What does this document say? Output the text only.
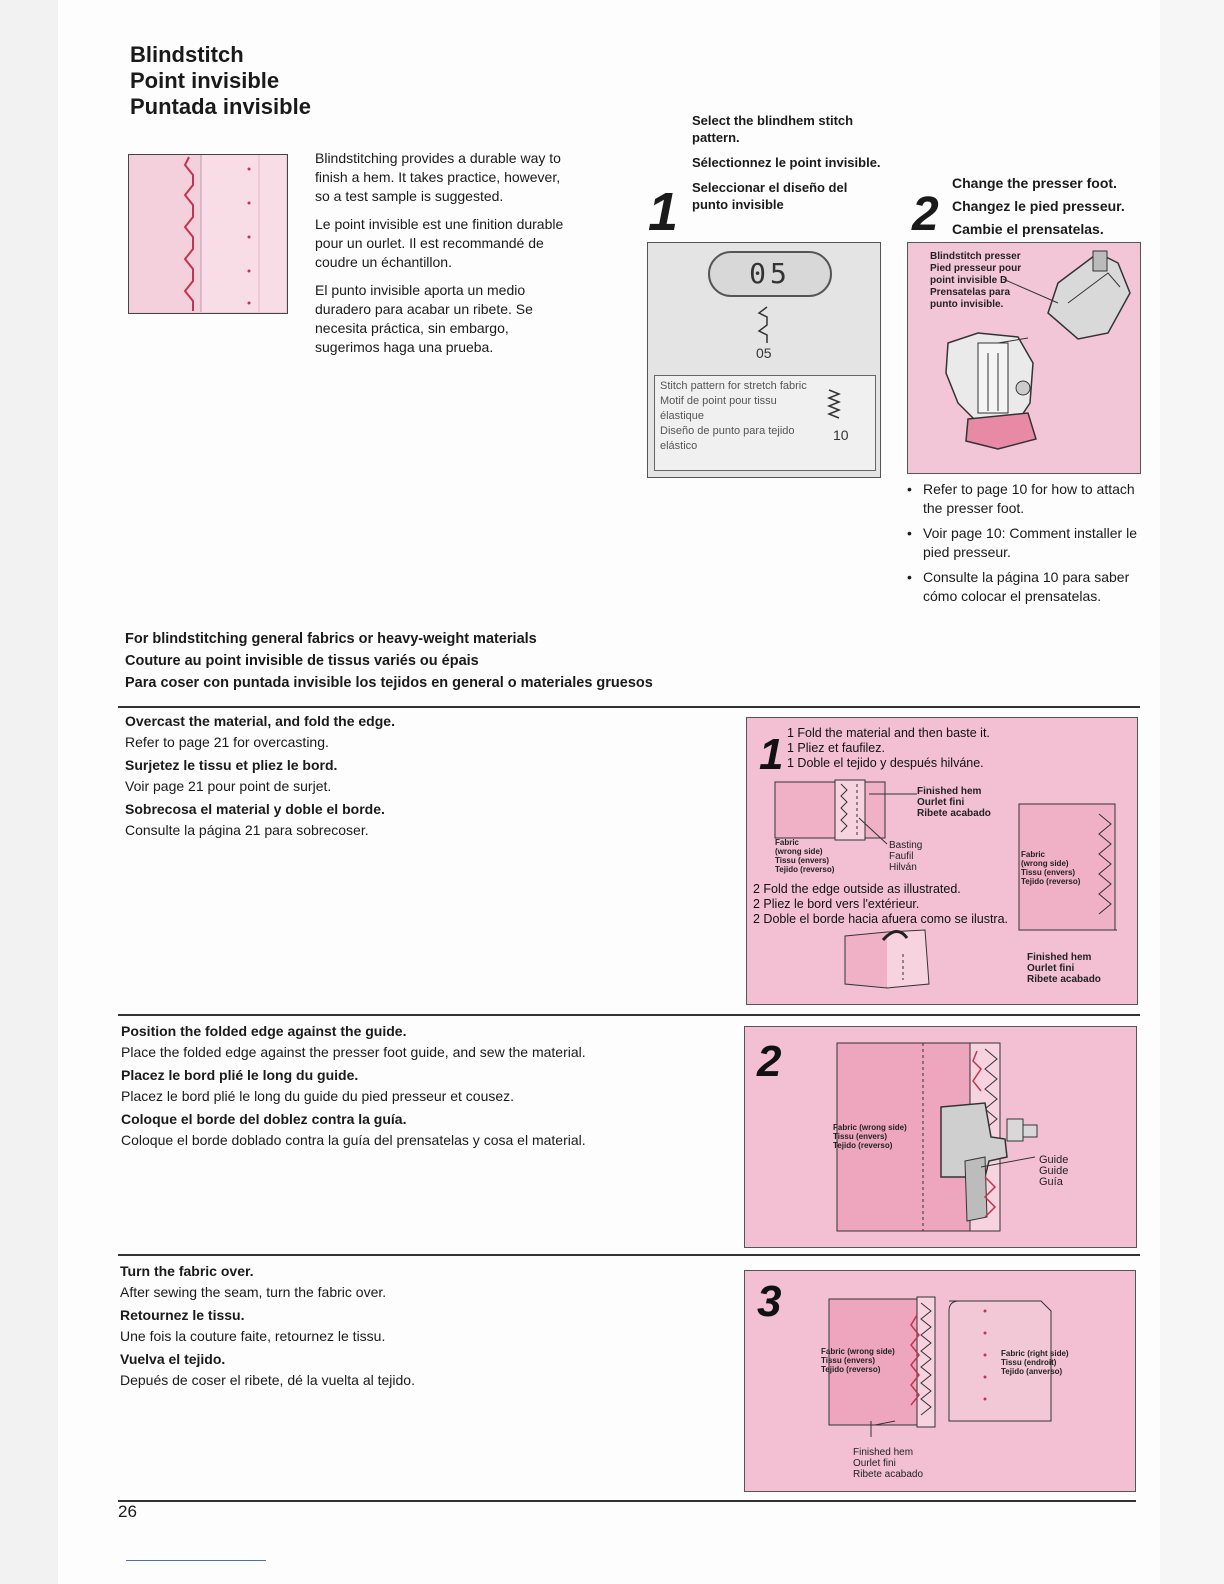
Blindstitch
Point invisible
Puntada invisible

Blindstitching provides a durable way to finish a hem. It takes practice, however, so a test sample is suggested.

Le point invisible est une finition durable pour un ourlet. Il est recommandé de coudre un échantillon.

El punto invisible aporta un medio duradero para acabar un ribete. Se necesita práctica, sin embargo, sugerimos haga una prueba.

Select the blindhem stitch pattern.

Sélectionnez le point invisible.

Seleccionar el diseño del punto invisible

1
05
05
Stitch pattern for stretch fabric
Motif de point pour tissu élastique
Diseño de punto para tejido elástico
10
2
Change the presser foot.
Changez le pied presseur.
Cambie el prensatelas.
Blindstitch presser
Pied presseur pour
point invisible D
Prensatelas para
punto invisible.
• Refer to page 10 for how to attach the presser foot.
• Voir page 10: Comment installer le pied presseur.
• Consulte la página 10 para saber cómo colocar el prensatelas.
For blindstitching general fabrics or heavy-weight materials
Couture au point invisible de tissus variés ou épais
Para coser con puntada invisible los tejidos en general o materiales gruesos
Overcast the material, and fold the edge.
Refer to page 21 for overcasting.
Surjetez le tissu et pliez le bord.
Voir page 21 pour point de surjet.
Sobrecosa el material y doble el borde.
Consulte la página 21 para sobrecoser.
1 1 Fold the material and then baste it.
1 Pliez et faufilez.
1 Doble el tejido y después hilváne.
Finished hem
Ourlet fini
Ribete acabado
Fabric
(wrong side)
Tissu (envers)
Tejido (reverso)
Basting
Faufil
Hilván
2 Fold the edge outside as illustrated.
2 Pliez le bord vers l'extérieur.
2 Doble el borde hacia afuera como se ilustra.
Fabric
(wrong side)
Tissu (envers)
Tejido (reverso)
Finished hem
Ourlet fini
Ribete acabado
Position the folded edge against the guide.
Place the folded edge against the presser foot guide, and sew the material.
Placez le bord plié le long du guide.
Placez le bord plié le long du guide du pied presseur et cousez.
Coloque el borde del doblez contra la guía.
Coloque el borde doblado contra la guía del prensatelas y cosa el material.
2
Fabric (wrong side)
Tissu (envers)
Tejido (reverso)
Guide
Guide
Guía
Turn the fabric over.
After sewing the seam, turn the fabric over.
Retournez le tissu.
Une fois la couture faite, retournez le tissu.
Vuelva el tejido.
Depués de coser el ribete, dé la vuelta al tejido.
3
Fabric (wrong side)
Tissu (envers)
Tejido (reverso)
Fabric (right side)
Tissu (endroit)
Tejido (anverso)
Finished hem
Ourlet fini
Ribete acabado
26
